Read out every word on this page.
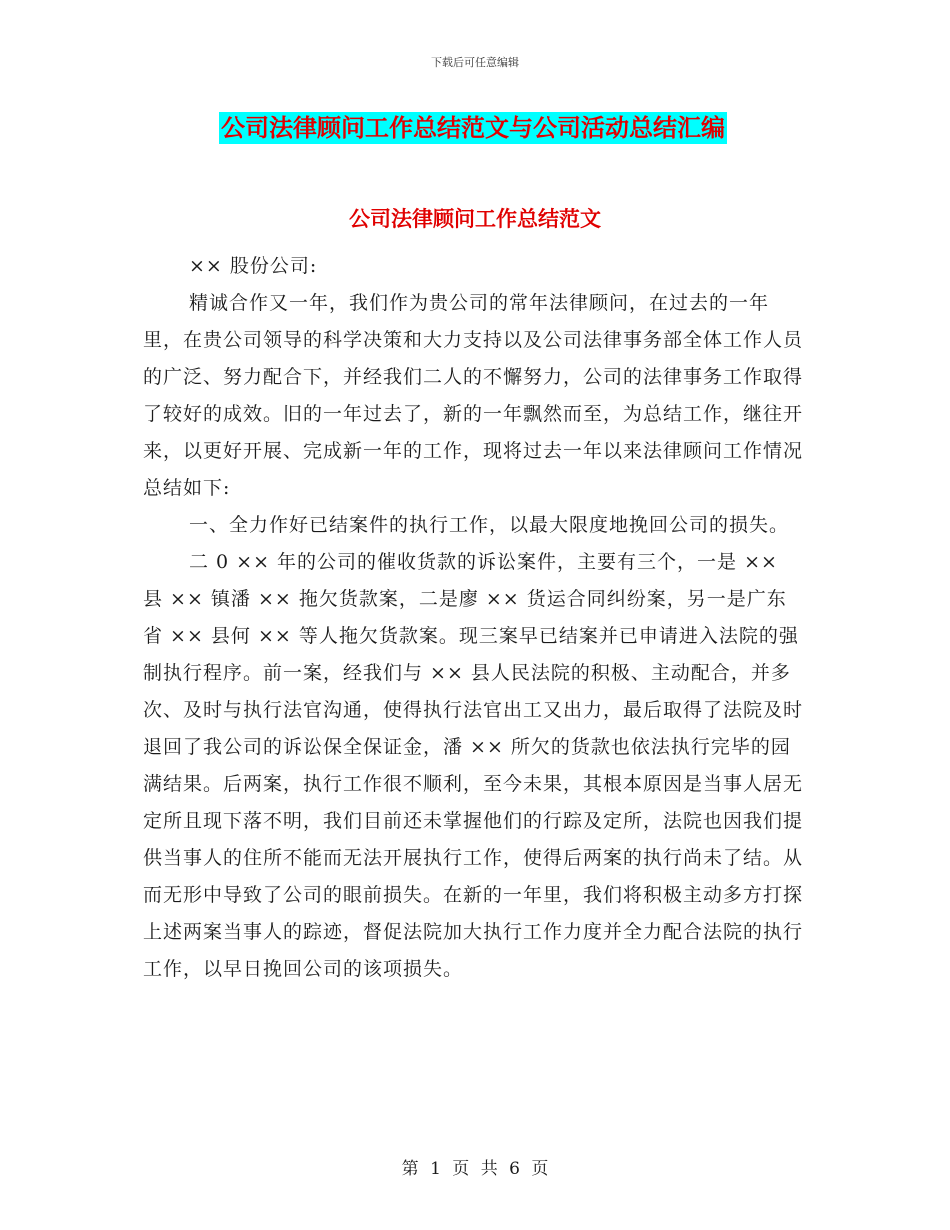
下载后可任意编辑
公司法律顾问工作总结范文与公司活动总结汇编
公司法律顾问工作总结范文

×× 股份公司:

精诚合作又一年，我们作为贵公司的常年法律顾问，在过去的一年里，在贵公司领导的科学决策和大力支持以及公司法律事务部全体工作人员的广泛、努力配合下，并经我们二人的不懈努力，公司的法律事务工作取得了较好的成效。旧的一年过去了，新的一年飘然而至，为总结工作，继往开来，以更好开展、完成新一年的工作，现将过去一年以来法律顾问工作情况总结如下:

一、全力作好已结案件的执行工作，以最大限度地挽回公司的损失。

二 0 ×× 年的公司的催收货款的诉讼案件，主要有三个，一是 ×× 县 ×× 镇潘 ×× 拖欠货款案，二是廖 ×× 货运合同纠纷案，另一是广东省 ×× 县何 ×× 等人拖欠货款案。现三案早已结案并已申请进入法院的强制执行程序。前一案，经我们与 ×× 县人民法院的积极、主动配合，并多次、及时与执行法官沟通，使得执行法官出工又出力，最后取得了法院及时退回了我公司的诉讼保全保证金，潘 ×× 所欠的货款也依法执行完毕的园满结果。后两案，执行工作很不顺利，至今未果，其根本原因是当事人居无定所且现下落不明，我们目前还未掌握他们的行踪及定所，法院也因我们提供当事人的住所不能而无法开展执行工作，使得后两案的执行尚未了结。从而无形中导致了公司的眼前损失。在新的一年里，我们将积极主动多方打探上述两案当事人的踪迹，督促法院加大执行工作力度并全力配合法院的执行工作，以早日挽回公司的该项损失。

第 1 页 共 6 页
